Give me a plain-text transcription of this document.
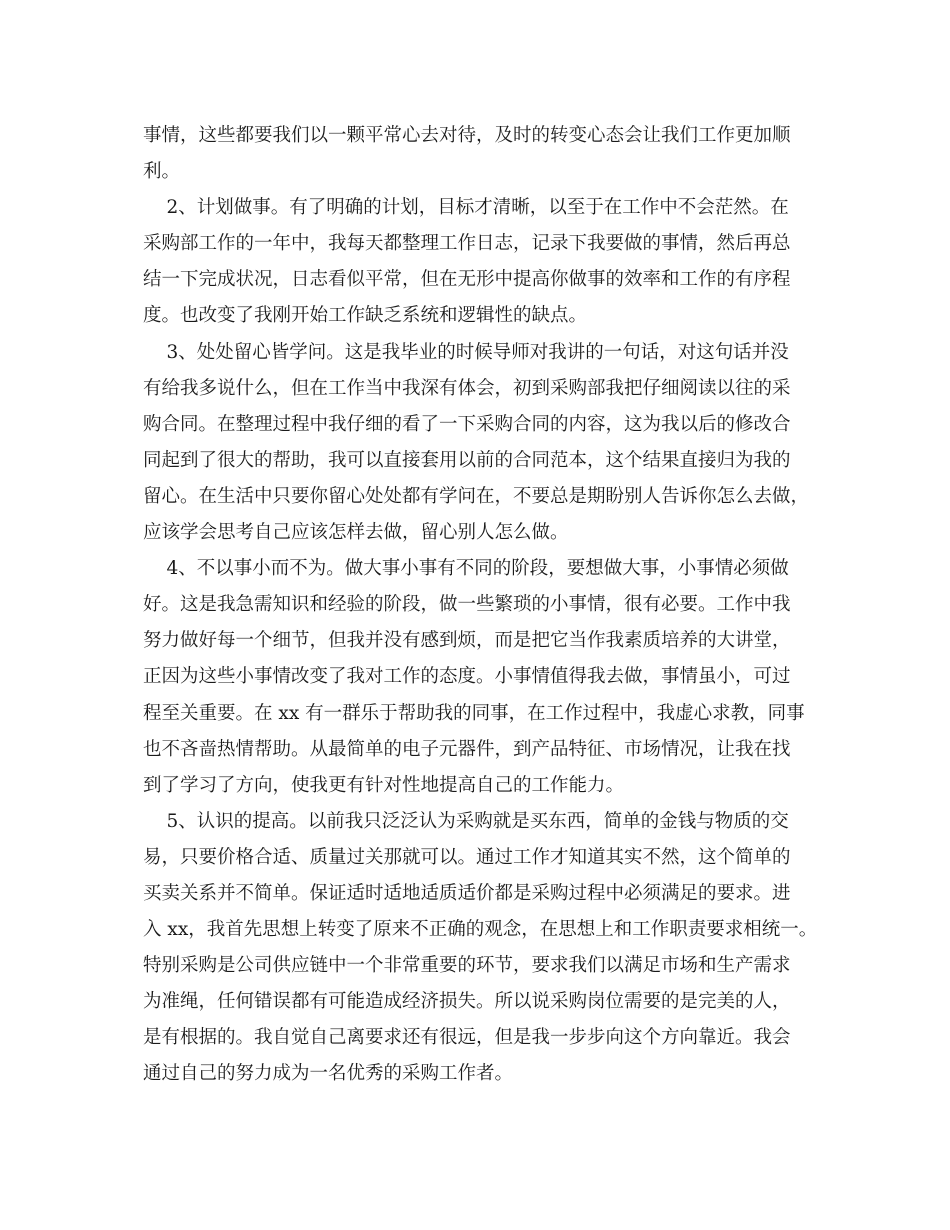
事情，这些都要我们以一颗平常心去对待，及时的转变心态会让我们工作更加顺
利。
2、计划做事。有了明确的计划，目标才清晰，以至于在工作中不会茫然。在
采购部工作的一年中，我每天都整理工作日志，记录下我要做的事情，然后再总
结一下完成状况，日志看似平常，但在无形中提高你做事的效率和工作的有序程
度。也改变了我刚开始工作缺乏系统和逻辑性的缺点。
3、处处留心皆学问。这是我毕业的时候导师对我讲的一句话，对这句话并没
有给我多说什么，但在工作当中我深有体会，初到采购部我把仔细阅读以往的采
购合同。在整理过程中我仔细的看了一下采购合同的内容，这为我以后的修改合
同起到了很大的帮助，我可以直接套用以前的合同范本，这个结果直接归为我的
留心。在生活中只要你留心处处都有学问在，不要总是期盼别人告诉你怎么去做，
应该学会思考自己应该怎样去做，留心别人怎么做。
4、不以事小而不为。做大事小事有不同的阶段，要想做大事，小事情必须做
好。这是我急需知识和经验的阶段，做一些繁琐的小事情，很有必要。工作中我
努力做好每一个细节，但我并没有感到烦，而是把它当作我素质培养的大讲堂，
正因为这些小事情改变了我对工作的态度。小事情值得我去做，事情虽小，可过
程至关重要。在 xx 有一群乐于帮助我的同事，在工作过程中，我虚心求教，同事
也不吝啬热情帮助。从最简单的电子元器件，到产品特征、市场情况，让我在找
到了学习了方向，使我更有针对性地提高自己的工作能力。
5、认识的提高。以前我只泛泛认为采购就是买东西，简单的金钱与物质的交
易，只要价格合适、质量过关那就可以。通过工作才知道其实不然，这个简单的
买卖关系并不简单。保证适时适地适质适价都是采购过程中必须满足的要求。进
入 xx，我首先思想上转变了原来不正确的观念，在思想上和工作职责要求相统一。
特别采购是公司供应链中一个非常重要的环节，要求我们以满足市场和生产需求
为准绳，任何错误都有可能造成经济损失。所以说采购岗位需要的是完美的人，
是有根据的。我自觉自己离要求还有很远，但是我一步步向这个方向靠近。我会
通过自己的努力成为一名优秀的采购工作者。
